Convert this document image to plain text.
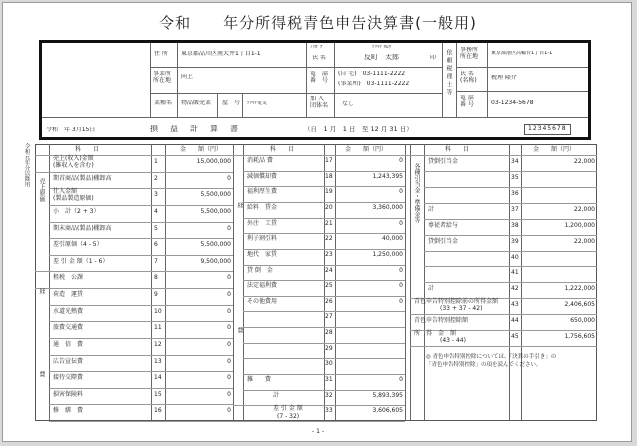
令和　　年分所得税青色申告決算書(一般用)
住 所 東京都品川区南大井1丁目1-1
ﾌﾘｶﾞﾅ	ｿﾘﾏﾁ ﾀﾛｳ
氏 名	反町　太郎	印
事業所
所在地
同上	電　話
番　号
(自 宅)　03-1111-2222
(事業所)　03-1111-2222
業種名 物品販売業 屋　号 ｿﾘﾏﾁ電気
加 入
団体名 なし
依頼税理士等 事務所
所在地	東京都港区高輪台1丁目1-1
氏 名
(名称) 税理 隆介
電 話
番 号	03-1234-5678
令和　年 3月15日	損　益　計　算　書	（自　1 月　1 日　至 12 月 31 日）	12345678
令和元年分以降用	科　　目	金　　額（円）	科　　目	金　　額（円）	科　　目	金　　額（円）
売上(収入)金額
(雑収入を含む)
1	15,000,000
期首商品(製品)棚卸高	2	0
仕入金額
(製品製造原価)
3	5,500,000
小　計（2 + 3）	4	5,500,000
期末商品(製品)棚卸高	5	0
差引原価（4 - 5）	6	5,500,000
差 引 金 額（1 - 6）	7	9,500,000
租税　公課	8	0
荷造　運賃	9	0
水道光熱費	10	0
旅費交通費	11	0
通　信　費	12	0
広告宣伝費	13	0
接待交際費	14	0
損害保険料	15	0
修　繕　費	16	0
売上原価
経
費
消耗品 費	17	0
減価償却費	18	1,243,395
福利厚生費	19	0
給料　賃金	20	3,360,000
外注　工賃	21	0
利子割引料	22	40,000
地代　家賃	23	1,250,000
貸 倒　金	24	0
法定福利費	25	0
その他費用	26	0
27
28
29
30
雑　　費	31	0
計	32	5,893,395
差 引 金 額
(7 - 32)
33	3,606,605
経
費
貸倒引当金	34	22,000
35
36
計	37	22,000
専従者給与	38	1,200,000
貸倒引当金	39	22,000
40
41
計	42	1,222,000
青色申告特別控除前の所得金額
(33 + 37 - 42)
43	2,406,605
青色申告特別控除額	44	650,000
所　得　金　額
(43 - 44)
45	1,756,605
各種引当金・準備金等
◎ 青色申告特別控除については、「決算の手引き」の
「青色申告特別控除」の項を読んでください。
- 1 -
